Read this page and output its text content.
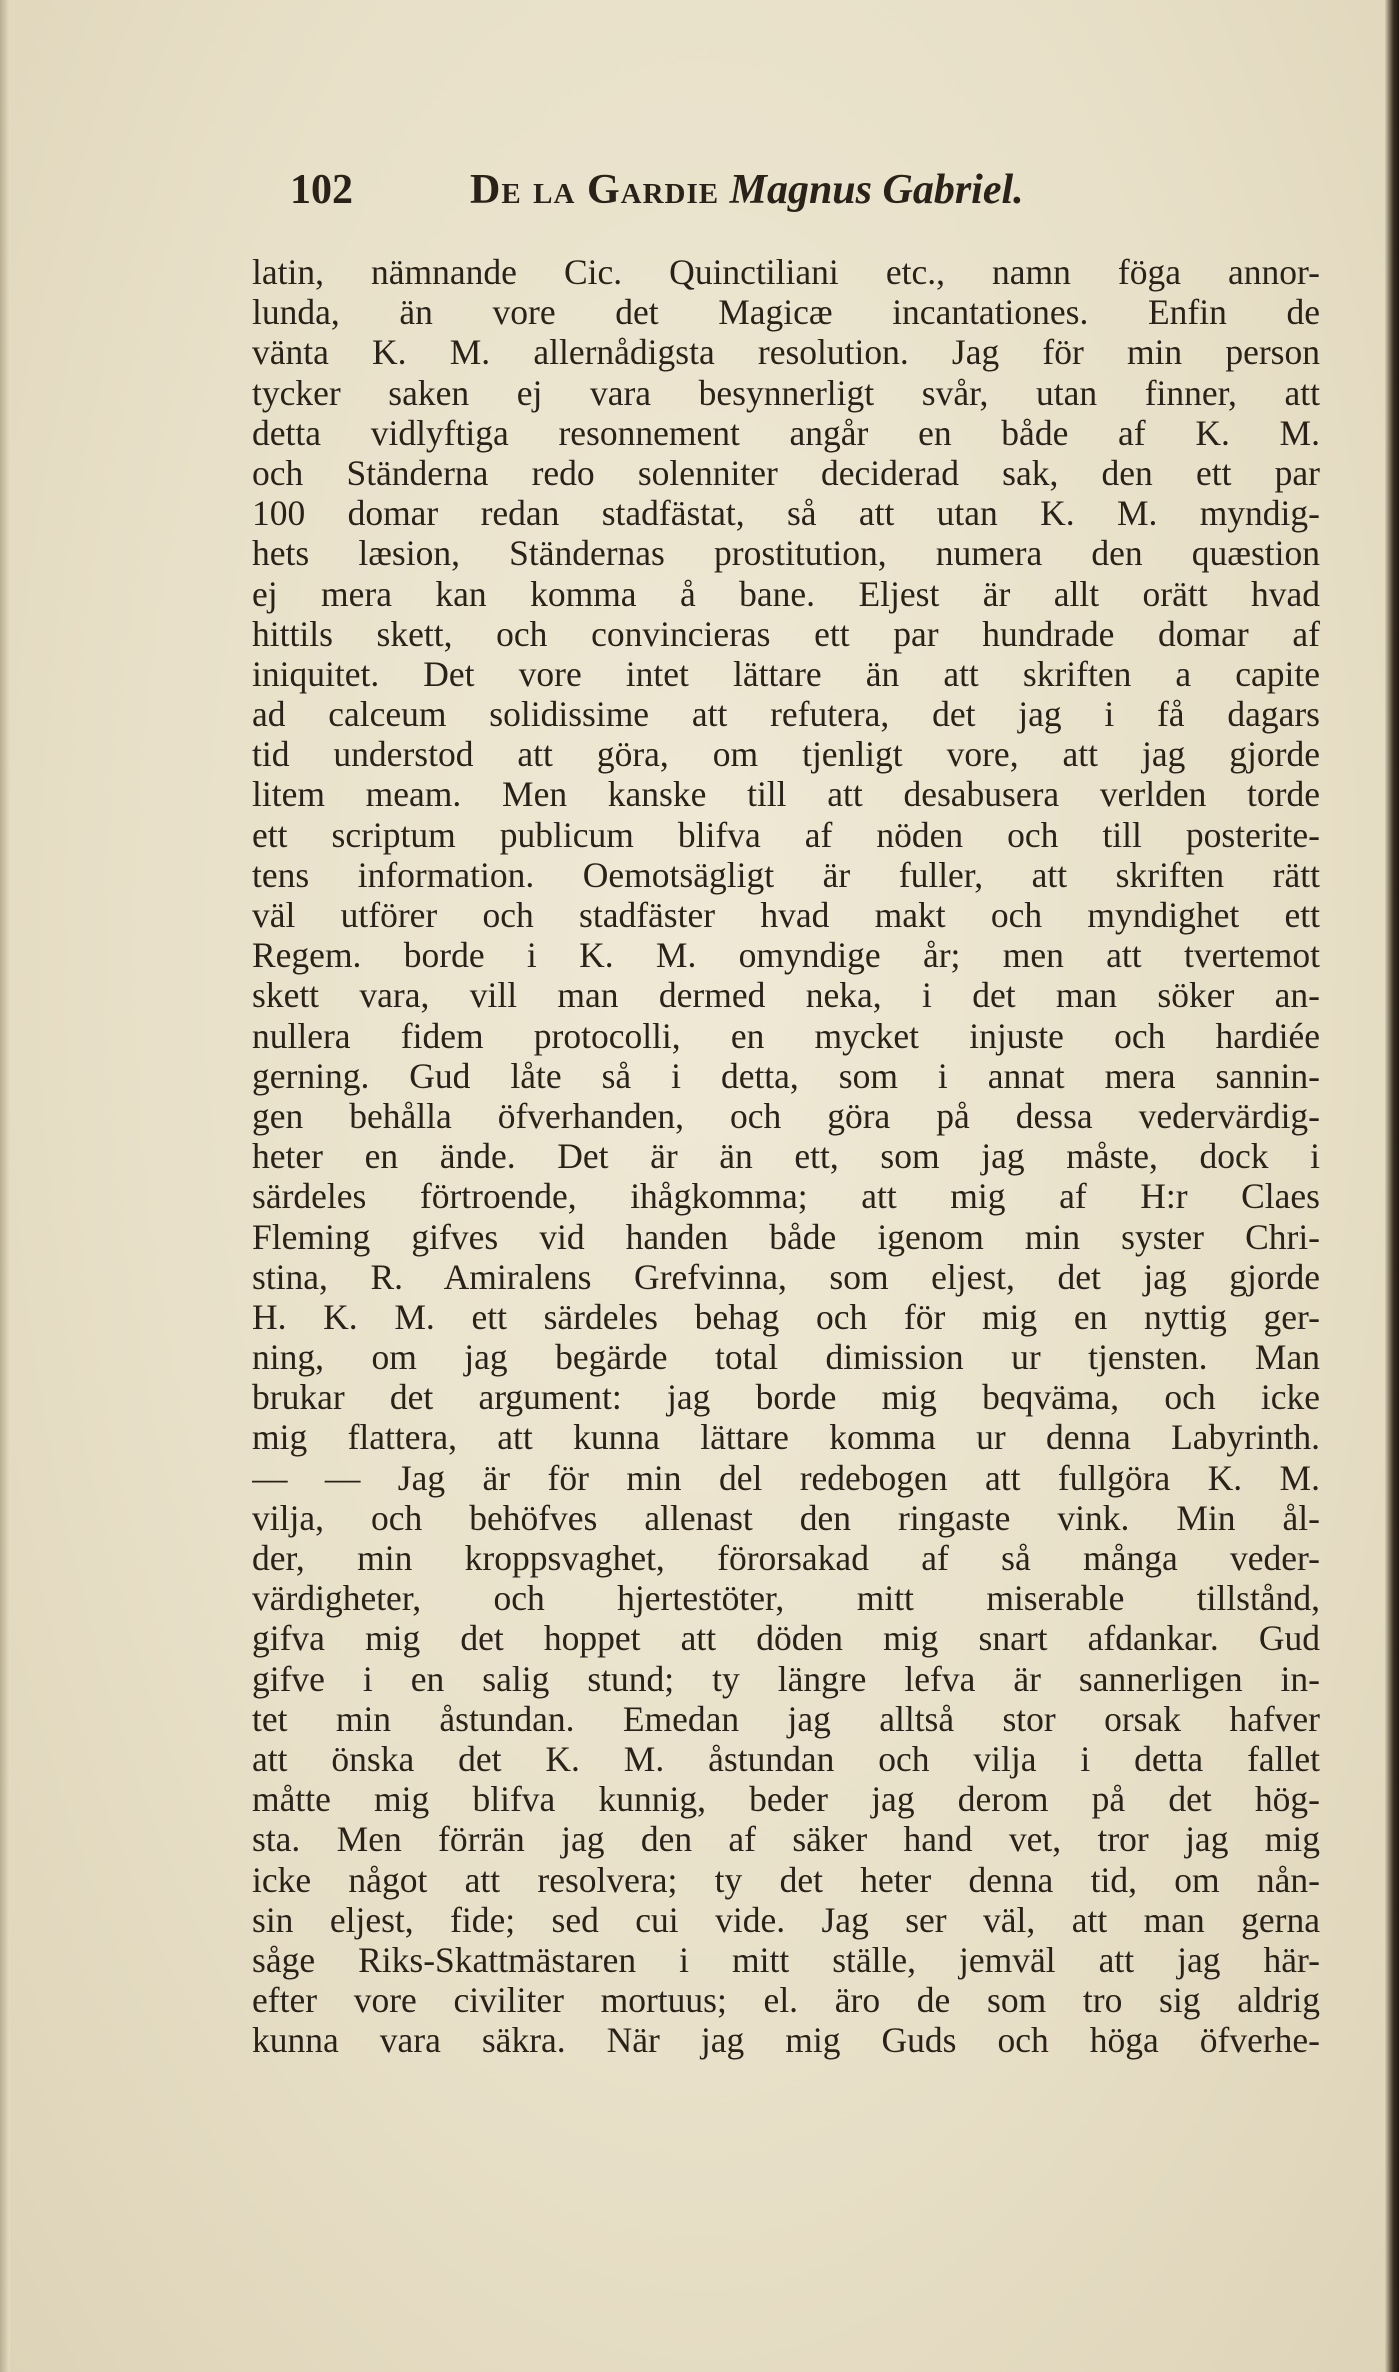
102	De la Gardie Magnus Gabriel.
latin, nämnande Cic. Quinctiliani etc., namn föga annor-
lunda, än vore det Magicæ incantationes. Enfin de
vänta K. M. allernådigsta resolution. Jag för min person
tycker saken ej vara besynnerligt svår, utan finner, att
detta vidlyftiga resonnement angår en både af K. M.
och Ständerna redo solenniter deciderad sak, den ett par
100 domar redan stadfästat, så att utan K. M. myndig-
hets læsion, Ständernas prostitution, numera den quæstion
ej mera kan komma å bane. Eljest är allt orätt hvad
hittils skett, och convincieras ett par hundrade domar af
iniquitet. Det vore intet lättare än att skriften a capite
ad calceum solidissime att refutera, det jag i få dagars
tid understod att göra, om tjenligt vore, att jag gjorde
litem meam. Men kanske till att desabusera verlden torde
ett scriptum publicum blifva af nöden och till posterite-
tens information. Oemotsägligt är fuller, att skriften rätt
väl utförer och stadfäster hvad makt och myndighet ett
Regem. borde i K. M. omyndige år; men att tvertemot
skett vara, vill man dermed neka, i det man söker an-
nullera fidem protocolli, en mycket injuste och hardiée
gerning. Gud låte så i detta, som i annat mera sannin-
gen behålla öfverhanden, och göra på dessa vedervärdig-
heter en ände. Det är än ett, som jag måste, dock i
särdeles förtroende, ihågkomma; att mig af H:r Claes
Fleming gifves vid handen både igenom min syster Chri-
stina, R. Amiralens Grefvinna, som eljest, det jag gjorde
H. K. M. ett särdeles behag och för mig en nyttig ger-
ning, om jag begärde total dimission ur tjensten. Man
brukar det argument: jag borde mig beqväma, och icke
mig flattera, att kunna lättare komma ur denna Labyrinth.
— — Jag är för min del redebogen att fullgöra K. M.
vilja, och behöfves allenast den ringaste vink. Min ål-
der, min kroppsvaghet, förorsakad af så många veder-
värdigheter, och hjertestöter, mitt miserable tillstånd,
gifva mig det hoppet att döden mig snart afdankar. Gud
gifve i en salig stund; ty längre lefva är sannerligen in-
tet min åstundan. Emedan jag alltså stor orsak hafver
att önska det K. M. åstundan och vilja i detta fallet
måtte mig blifva kunnig, beder jag derom på det hög-
sta. Men förrän jag den af säker hand vet, tror jag mig
icke något att resolvera; ty det heter denna tid, om nån-
sin eljest, fide; sed cui vide. Jag ser väl, att man gerna
såge Riks-Skattmästaren i mitt ställe, jemväl att jag här-
efter vore civiliter mortuus; el. äro de som tro sig aldrig
kunna vara säkra. När jag mig Guds och höga öfverhe-
